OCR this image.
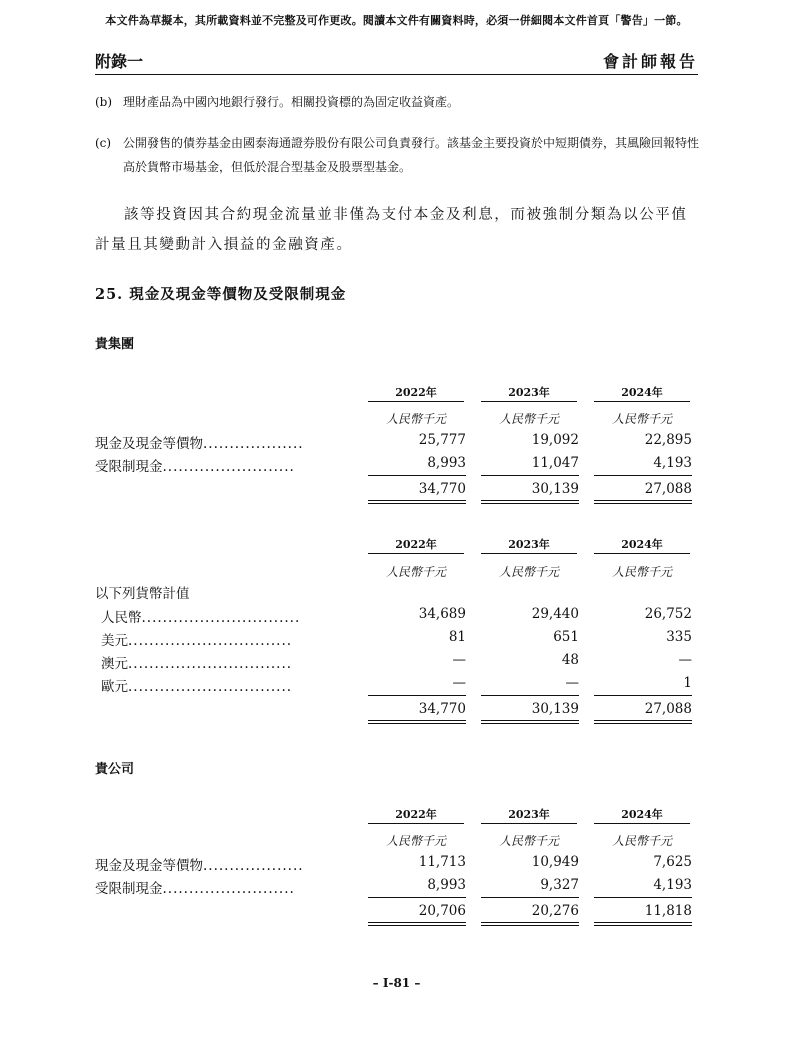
本文件為草擬本，其所載資料並不完整及可作更改。閱讀本文件有關資料時，必須一併細閱本文件首頁「警告」一節。
附錄一	會計師報告
(b) 理財產品為中國內地銀行發行。相關投資標的為固定收益資產。
(c) 公開發售的債券基金由國泰海通證券股份有限公司負責發行。該基金主要投資於中短期債券，其風險回報特性高於貨幣市場基金，但低於混合型基金及股票型基金。
該等投資因其合約現金流量並非僅為支付本金及利息，而被強制分類為以公平值計量且其變動計入損益的金融資產。
25. 現金及現金等價物及受限制現金
貴集團
2022年	2023年	2024年
人民幣千元	人民幣千元	人民幣千元
現金及現金等價物...................	25,777	19,092	22,895
受限制現金.........................	8,993	11,047	4,193
34,770	30,139	27,088
2022年	2023年	2024年
人民幣千元	人民幣千元	人民幣千元
以下列貨幣計值
人民幣..............................	34,689	29,440	26,752
美元...............................	81	651	335
澳元...............................	—	48	—
歐元...............................	—	—	1
34,770	30,139	27,088
貴公司
2022年	2023年	2024年
人民幣千元	人民幣千元	人民幣千元
現金及現金等價物...................	11,713	10,949	7,625
受限制現金.........................	8,993	9,327	4,193
20,706	20,276	11,818
– I-81 –
